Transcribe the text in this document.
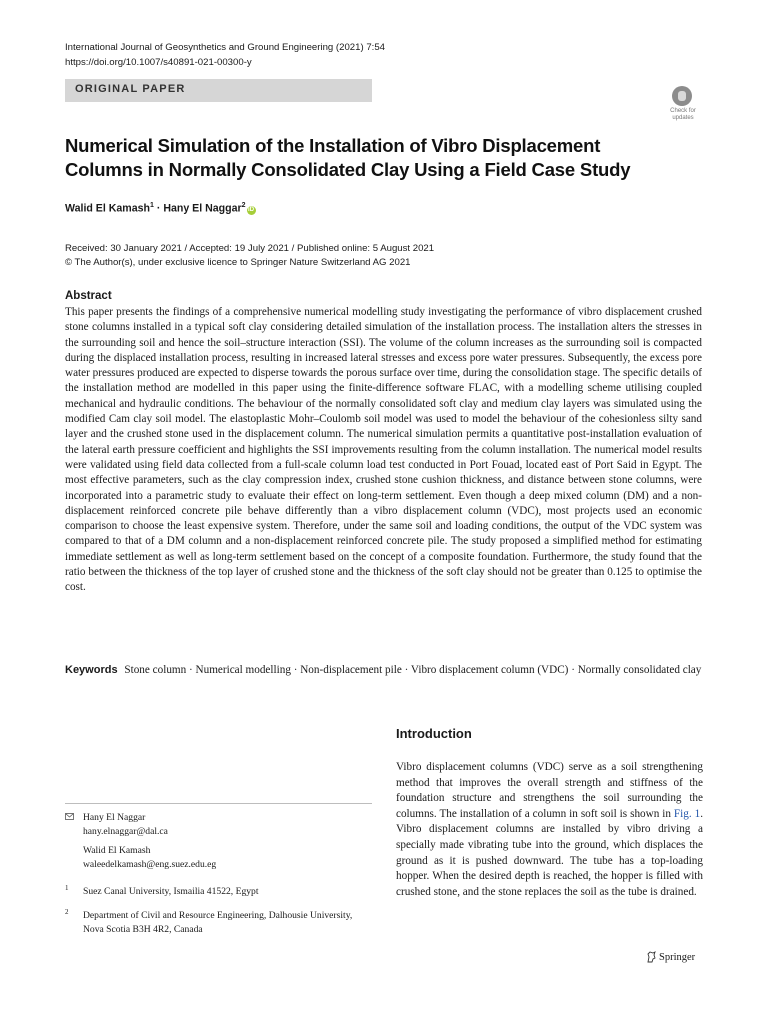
International Journal of Geosynthetics and Ground Engineering (2021) 7:54
https://doi.org/10.1007/s40891-021-00300-y
ORIGINAL PAPER
Check for updates
Numerical Simulation of the Installation of Vibro Displacement
Columns in Normally Consolidated Clay Using a Field Case Study
Walid El Kamash$^1$ · Hany El Naggar$^2$iD
Received: 30 January 2021 / Accepted: 19 July 2021 / Published online: 5 August 2021
© The Author(s), under exclusive licence to Springer Nature Switzerland AG 2021
Abstract
This paper presents the findings of a comprehensive numerical modelling study investigating the performance of vibro displacement crushed stone columns installed in a typical soft clay considering detailed simulation of the installation process. The installation alters the stresses in the surrounding soil and hence the soil–structure interaction (SSI). The volume of the column increases as the surrounding soil is compacted during the displaced installation process, resulting in increased lateral stresses and excess pore water pressures. Subsequently, the excess pore water pressures produced are expected to disperse towards the porous surface over time, during the consolidation stage. The specific details of the installation method are modelled in this paper using the finite-difference software FLAC, with a modelling scheme utilising coupled mechanical and hydraulic conditions. The behaviour of the normally consolidated soft clay and medium clay layers was simulated using the modified Cam clay soil model. The elastoplastic Mohr–Coulomb soil model was used to model the behaviour of the cohesionless silty sand layer and the crushed stone used in the displacement column. The numerical simulation permits a quantitative post-installation evaluation of the lateral earth pressure coefficient and highlights the SSI improvements resulting from the column installation. The numerical model results were validated using field data collected from a full-scale column load test conducted in Port Fouad, located east of Port Said in Egypt. The most effective parameters, such as the clay compression index, crushed stone cushion thickness, and distance between stone columns, were incorporated into a parametric study to evaluate their effect on long-term settlement. Even though a deep mixed column (DM) and a non-displacement reinforced concrete pile behave differently than a vibro displacement column (VDC), most projects used an economic comparison to choose the least expensive system. Therefore, under the same soil and loading conditions, the output of the VDC system was compared to that of a DM column and a non-displacement reinforced concrete pile. The study proposed a simplified method for estimating immediate settlement as well as long-term settlement based on the concept of a composite foundation. Furthermore, the study found that the ratio between the thickness of the top layer of crushed stone and the thickness of the soft clay should not be greater than 0.125 to optimise the cost.
Keywords Stone column · Numerical modelling · Non-displacement pile · Vibro displacement column (VDC) · Normally consolidated clay
Introduction
Vibro displacement columns (VDC) serve as a soil strengthening method that improves the overall strength and stiffness of the foundation structure and strengthens the soil surrounding the columns. The installation of a column in soft soil is shown in Fig. 1. Vibro displacement columns are installed by vibro driving a specially made vibrating tube into the ground, which displaces the ground as it is pushed downward. The tube has a top-loading hopper. When the desired depth is reached, the hopper is filled with crushed stone, and the stone replaces the soil as the tube is drained.
Hany El Naggar
hany.elnaggar@dal.ca
Walid El Kamash
waleedelkamash@eng.suez.edu.eg
1 Suez Canal University, Ismailia 41522, Egypt
2 Department of Civil and Resource Engineering, Dalhousie University, Nova Scotia B3H 4R2, Canada
Springer
